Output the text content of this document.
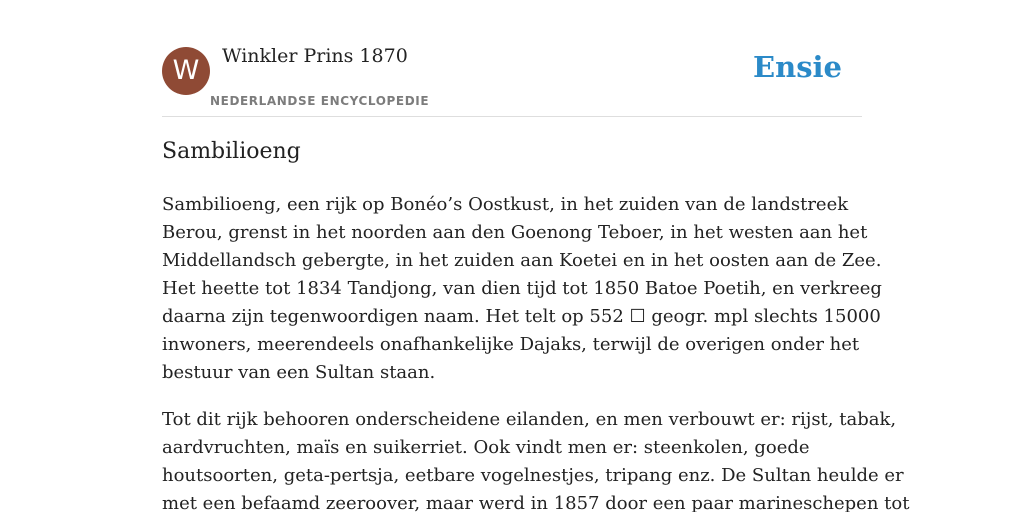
W	Winkler Prins 1870
NEDERLANDSE ENCYCLOPEDIE
Ensie
Sambilioeng

Sambilioeng, een rijk op Bonéo’s Oostkust, in het zuiden van de landstreek
Berou, grenst in het noorden aan den Goenong Teboer, in het westen aan het
Middellandsch gebergte, in het zuiden aan Koetei en in het oosten aan de Zee.
Het heette tot 1834 Tandjong, van dien tijd tot 1850 Batoe Poetih, en verkreeg
daarna zijn tegenwoordigen naam. Het telt op 552 ☐ geogr. mpl slechts 15000
inwoners, meerendeels onafhankelijke Dajaks, terwijl de overigen onder het
bestuur van een Sultan staan.

Tot dit rijk behooren onderscheidene eilanden, en men verbouwt er: rijst, tabak,
aardvruchten, maïs en suikerriet. Ook vindt men er: steenkolen, goede
houtsoorten, geta-pertsja, eetbare vogelnestjes, tripang enz. De Sultan heulde er
met een befaamd zeeroover, maar werd in 1857 door een paar marineschepen tot
